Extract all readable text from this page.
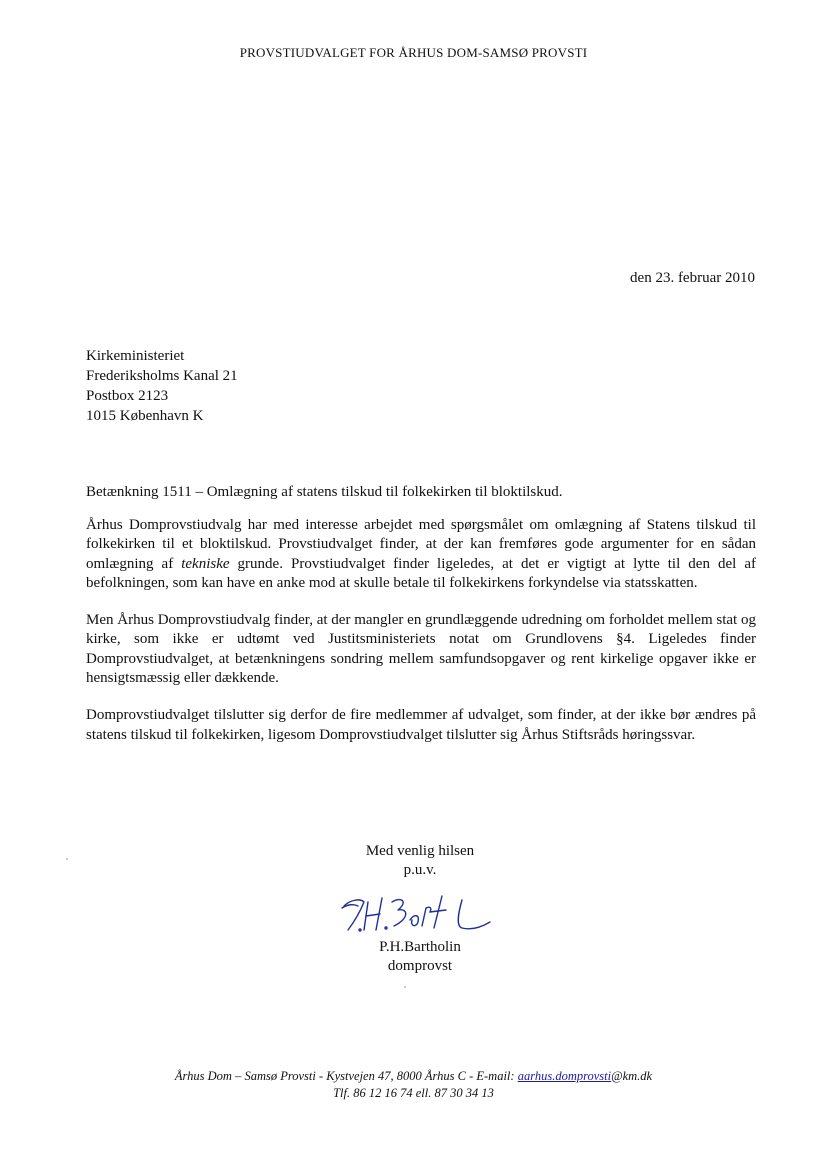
PROVSTIUDVALGET FOR ÅRHUS DOM-SAMSØ PROVSTI
den 23. februar 2010
Kirkeministeriet
Frederiksholms Kanal 21
Postbox 2123
1015 København K
Betænkning 1511 – Omlægning af statens tilskud til folkekirken til bloktilskud.

Århus Domprovstiudvalg har med interesse arbejdet med spørgsmålet om omlægning af Statens tilskud til folkekirken til et bloktilskud. Provstiudvalget finder, at der kan fremføres gode argumenter for en sådan omlægning af tekniske grunde. Provstiudvalget finder ligeledes, at det er vigtigt at lytte til den del af befolkningen, som kan have en anke mod at skulle betale til folkekirkens forkyndelse via statsskatten.

Men Århus Domprovstiudvalg finder, at der mangler en grundlæggende udredning om forholdet mellem stat og kirke, som ikke er udtømt ved Justitsministeriets notat om Grundlovens §4. Ligeledes finder Domprovstiudvalget, at betænkningens sondring mellem samfundsopgaver og rent kirkelige opgaver ikke er hensigtsmæssig eller dækkende.

Domprovstiudvalget tilslutter sig derfor de fire medlemmer af udvalget, som finder, at der ikke bør ændres på statens tilskud til folkekirken, ligesom Domprovstiudvalget tilslutter sig Århus Stiftsråds høringssvar.

Med venlig hilsen
p.u.v.
P.H.Bartholin
domprovst
Århus Dom – Samsø Provsti - Kystvejen 47, 8000 Århus C - E-mail: aarhus.domprovsti@km.dk
Tlf. 86 12 16 74 ell. 87 30 34 13
